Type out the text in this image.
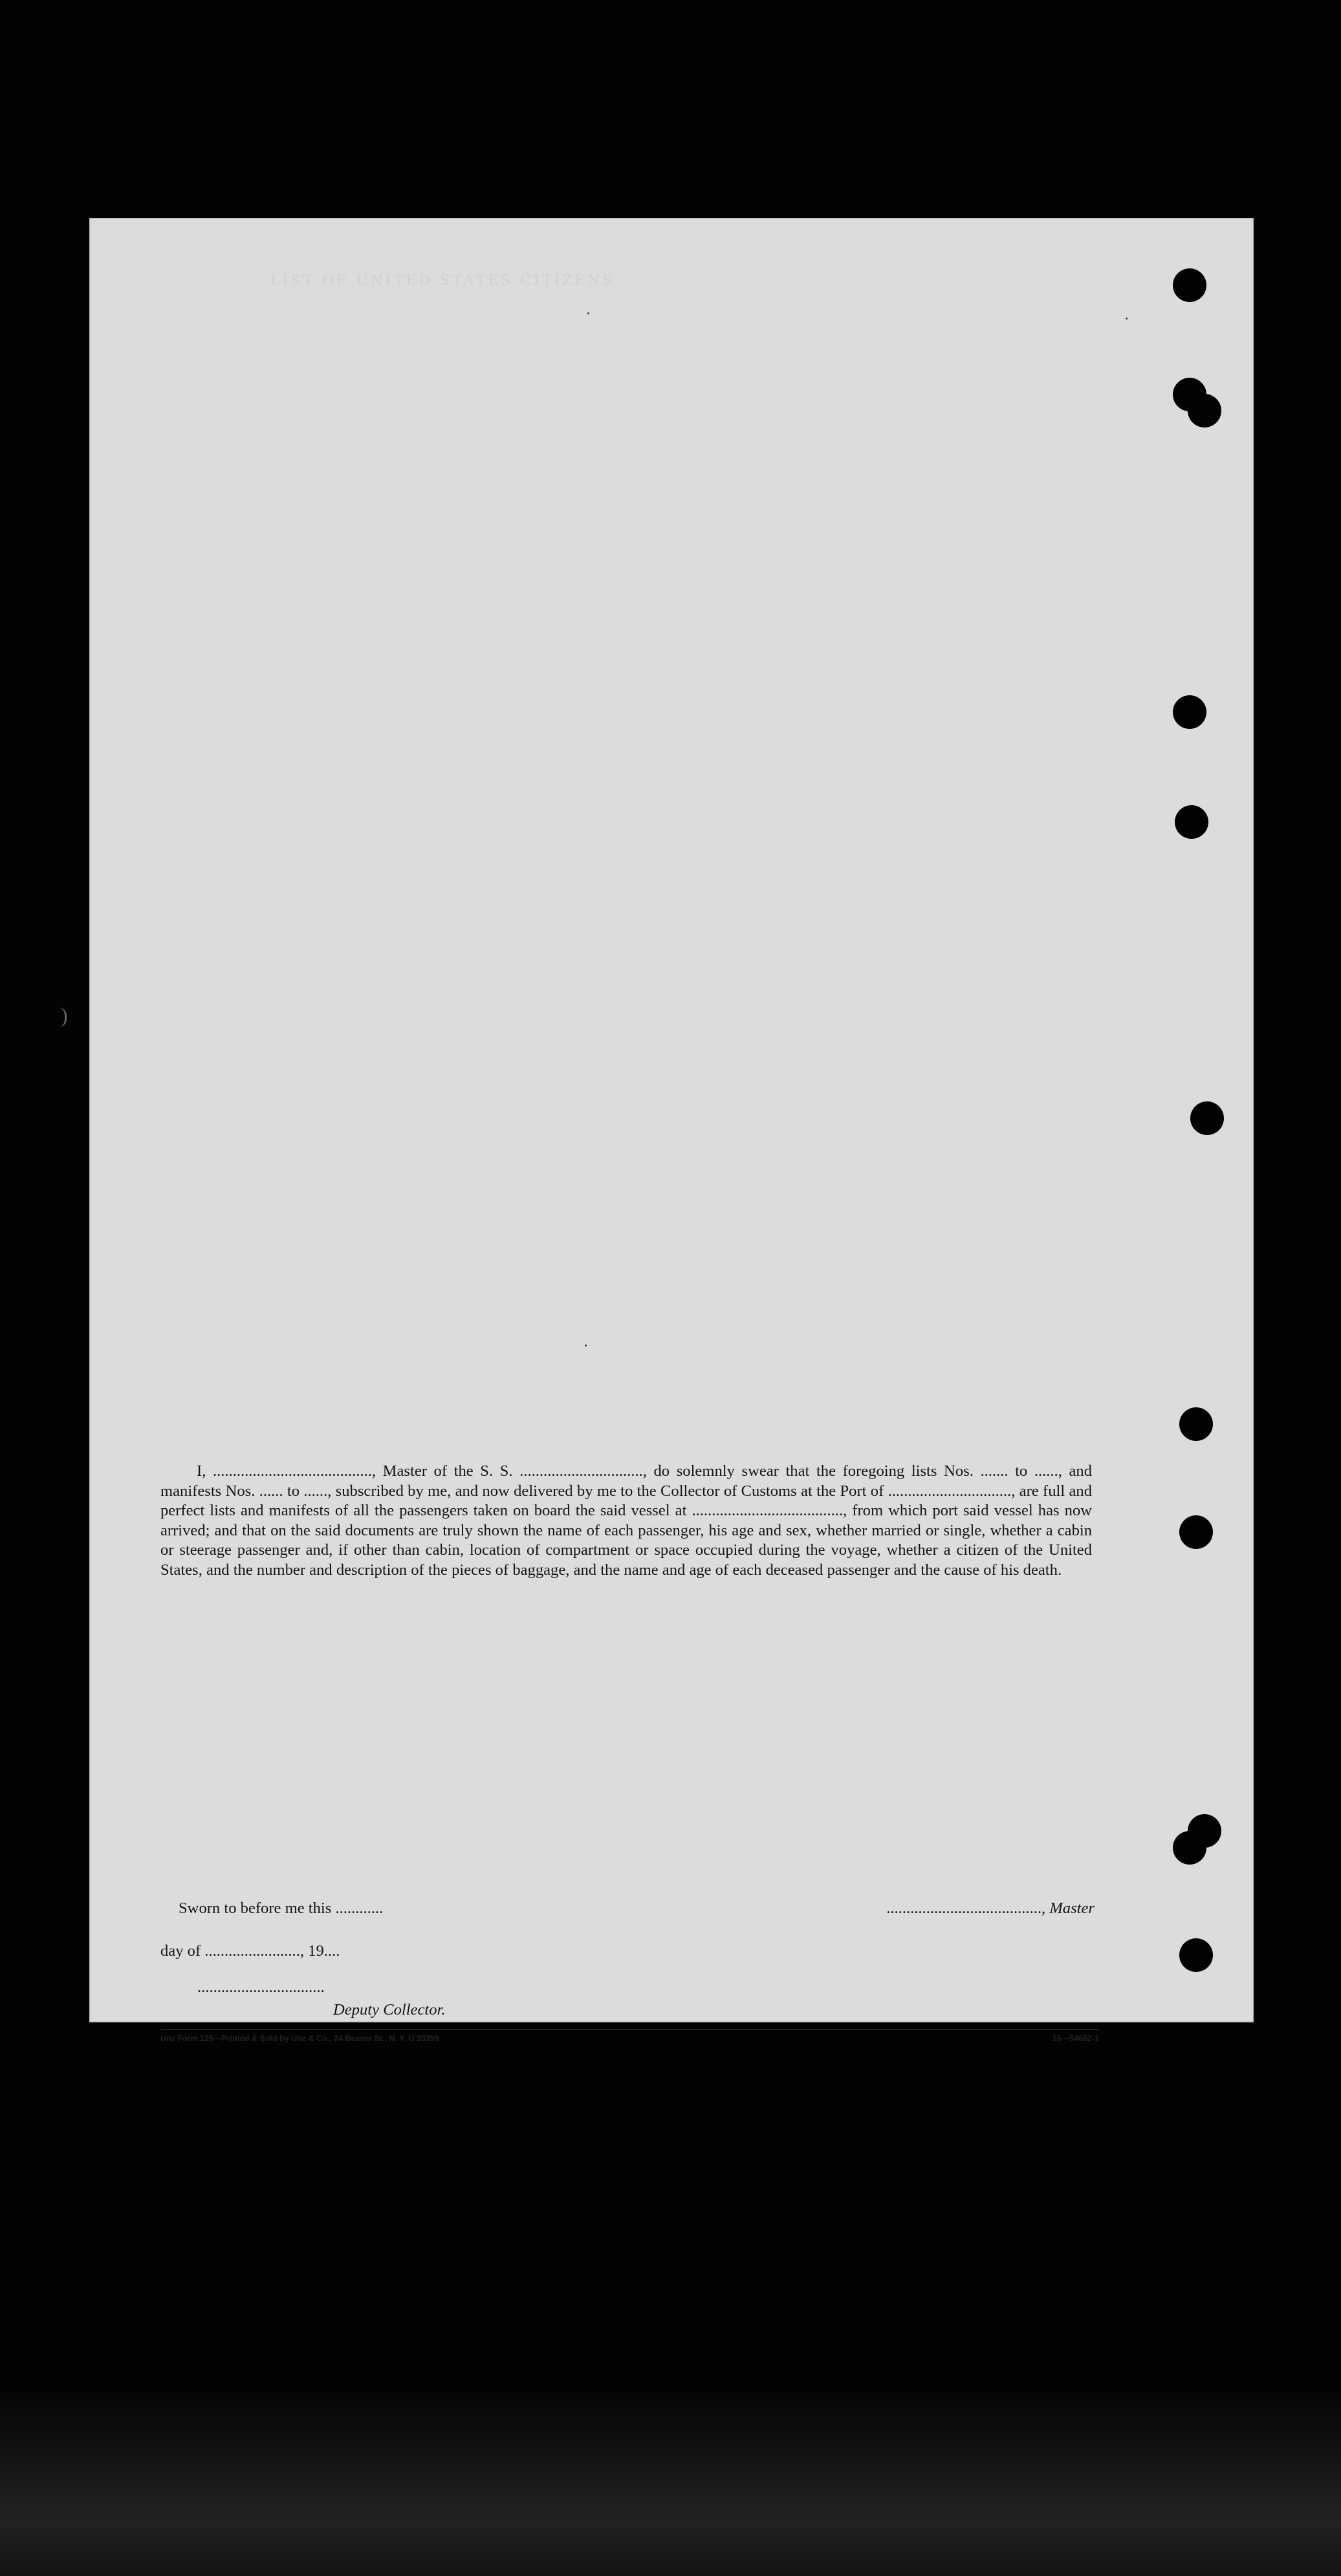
LIST OF UNITED STATES CITIZENS

I, ........................................, Master of the S. S. ..............................., do solemnly swear that the foregoing lists Nos. ....... to ......, and manifests Nos. ...... to ......, subscribed by me, and now delivered by me to the Collector of Customs at the Port of ..............................., are full and perfect lists and manifests of all the passengers taken on board the said vessel at ......................................, from which port said vessel has now arrived; and that on the said documents are truly shown the name of each passenger, his age and sex, whether married or single, whether a cabin or steerage passenger and, if other than cabin, location of compartment or space occupied during the voyage, whether a citizen of the United States, and the number and description of the pieces of baggage, and the name and age of each deceased passenger and the cause of his death.

Sworn to before me this ............	......................................., Master
day of ........................, 19....
................................
Deputy Collector.
Unz Form 125—Printed & Sold by Unz & Co., 24 Beaver St., N. Y. U 39399	16—54652-1
